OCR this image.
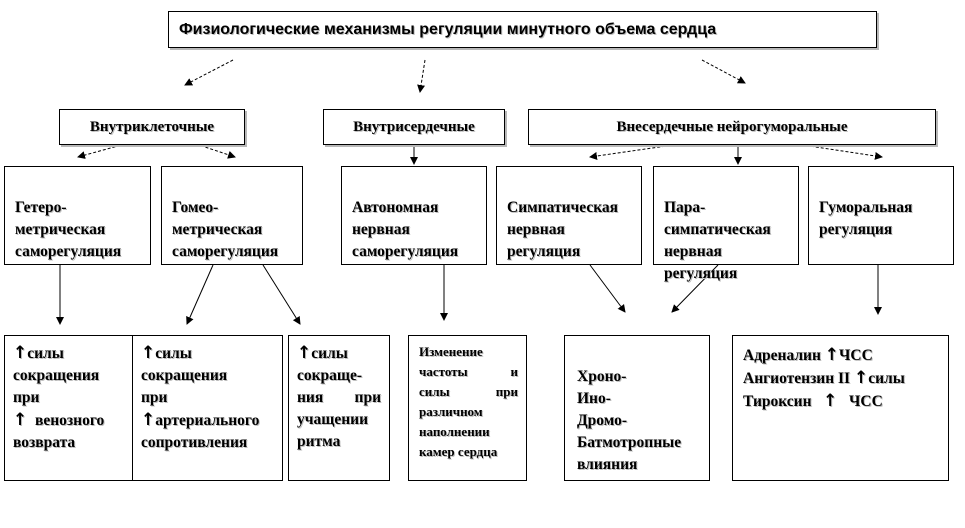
Физиологические механизмы регуляции минутного объема сердца
Внутриклеточные	Внутрисердечные	Внесердечные нейрогуморальные

Гетеро-
метрическая
саморегуляция

Гомео-
метрическая
саморегуляция

Автономная
нервная
саморегуляция

Симпатическая
нервная
регуляция

Пара-
симпатическая
нервная
регуляция

Гуморальная
регуляция

↑силы
сокращения
при
↑ венозного
возврата
↑силы
сокращения
при
↑артериального
сопротивления
↑силы
сокраще-
ния при
учащении
ритма
Изменение
частоты	и
силы	при
различном
наполнении
камер сердца

Хроно-
Ино-
Дромо-
Батмотропные
влияния

Адреналин ↑ЧСС
Ангиотензин II ↑силы
Тироксин ↑ ЧСС
